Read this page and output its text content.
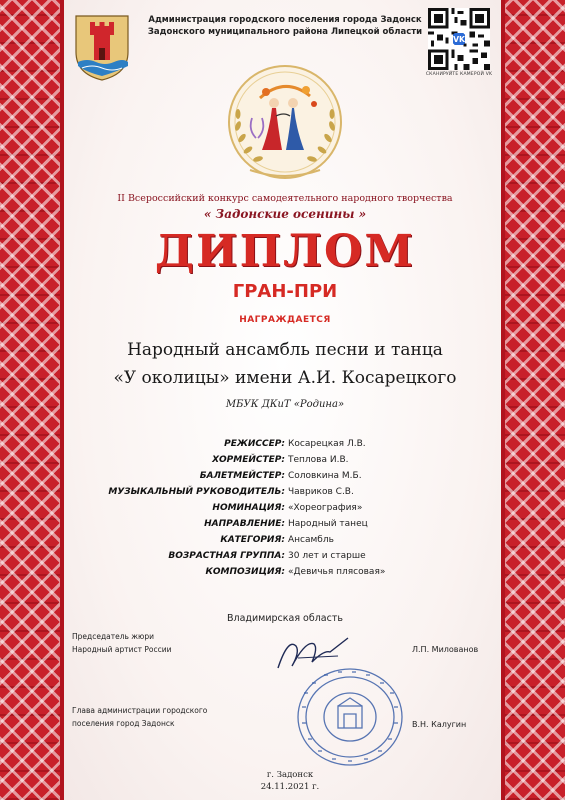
Администрация городского поселения города Задонск
Задонского муниципального района Липецкой области
VK
СКАНИРУЙТЕ КАМЕРОЙ VK
II Всероссийский конкурс самодеятельного народного творчества
« Задонские осенины »
ДИПЛОМ
ГРАН-ПРИ
НАГРАЖДАЕТСЯ
Народный ансамбль песни и танца
«У околицы» имени А.И. Косарецкого
МБУК ДКиТ «Родина»
РЕЖИССЕР: Косарецкая Л.В.
ХОРМЕЙСТЕР: Теплова И.В.
БАЛЕТМЕЙСТЕР: Соловкина М.Б.
МУЗЫКАЛЬНЫЙ РУКОВОДИТЕЛЬ: Чавриков С.В.
НОМИНАЦИЯ: «Хореография»
НАПРАВЛЕНИЕ: Народный танец
КАТЕГОРИЯ: Ансамбль
ВОЗРАСТНАЯ ГРУППА: 30 лет и старше
КОМПОЗИЦИЯ: «Девичья плясовая»
Владимирская область
Председатель жюри
Народный артист России	Л.П. Милованов
Глава администрации городского
поселения город Задонск	В.Н. Калугин
г. Задонск
24.11.2021 г.
